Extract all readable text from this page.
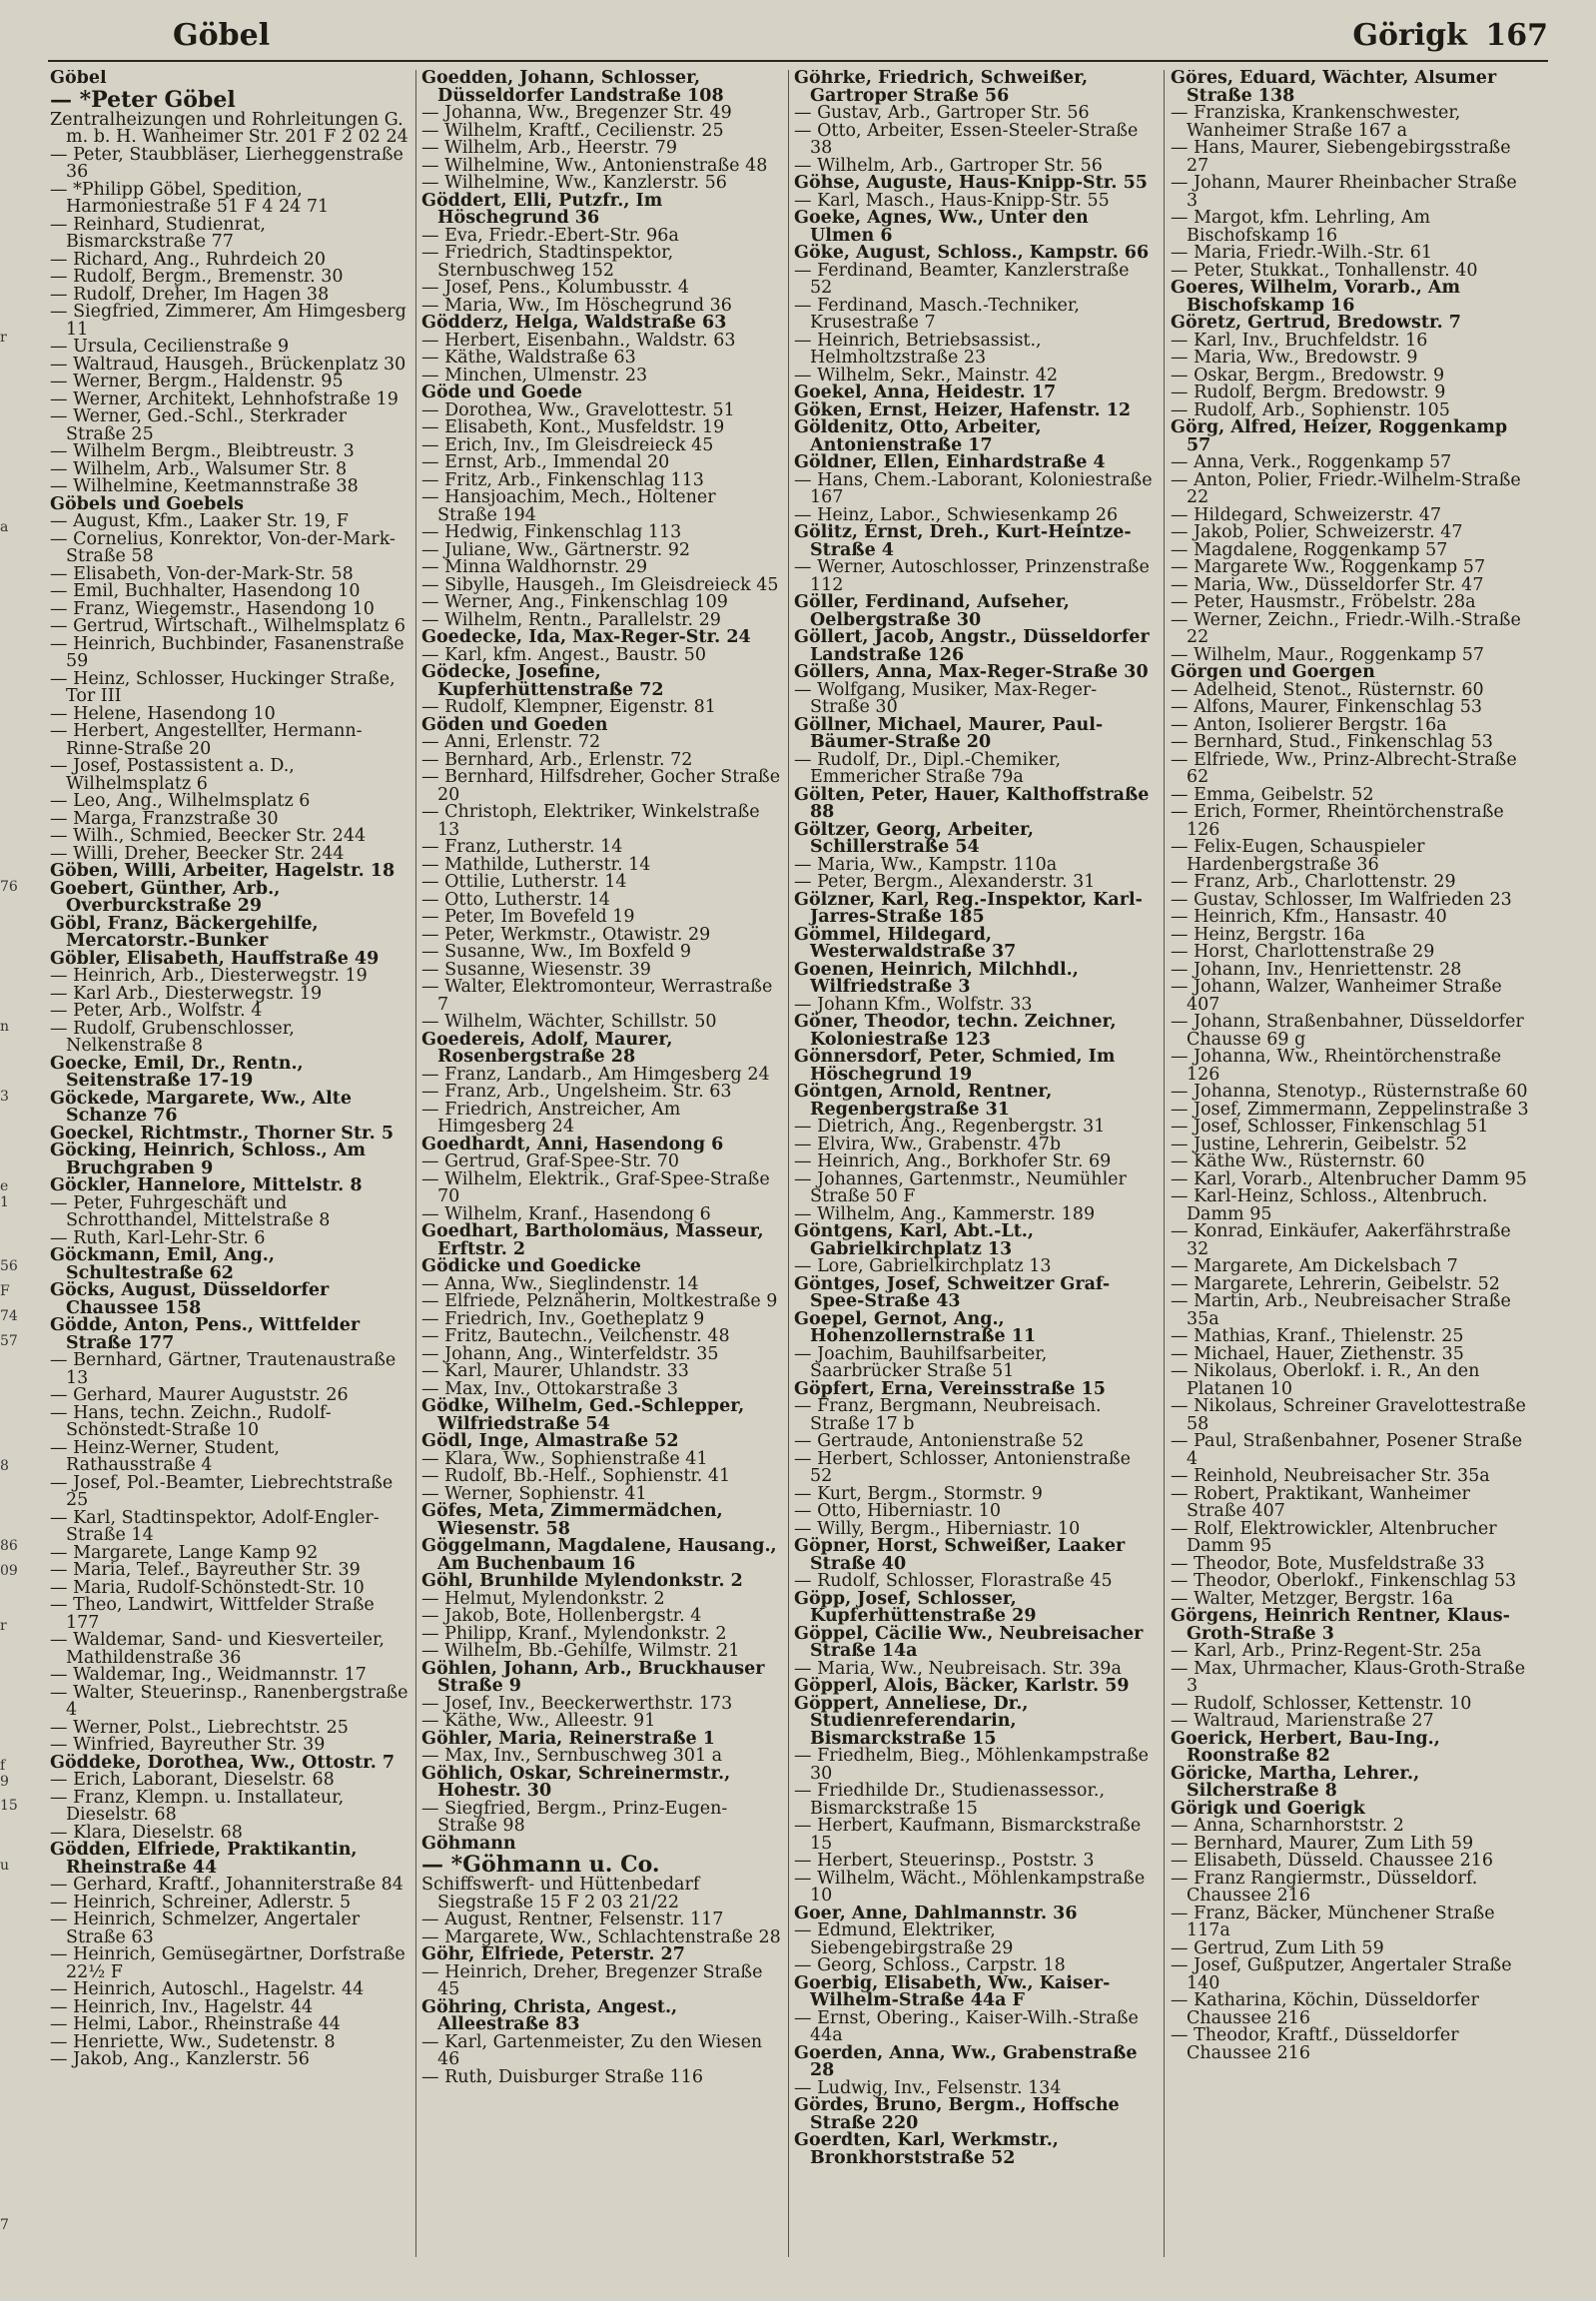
Göbel	Görigk 167

Göbel

— *Peter Göbel

Zentralheizungen und Rohrleitungen G. m. b. H. Wanheimer Str. 201 F 2 02 24

— Peter, Staubbläser, Lierheggenstraße 36

— *Philipp Göbel, Spedition, Harmoniestraße 51 F 4 24 71

— Reinhard, Studienrat, Bismarckstraße 77

— Richard, Ang., Ruhrdeich 20

— Rudolf, Bergm., Bremenstr. 30

— Rudolf, Dreher, Im Hagen 38

— Siegfried, Zimmerer, Am Himgesberg 11

— Ursula, Cecilienstraße 9

— Waltraud, Hausgeh., Brückenplatz 30

— Werner, Bergm., Haldenstr. 95

— Werner, Architekt, Lehnhofstraße 19

— Werner, Ged.-Schl., Sterkrader Straße 25

— Wilhelm Bergm., Bleibtreustr. 3

— Wilhelm, Arb., Walsumer Str. 8

— Wilhelmine, Keetmannstraße 38

Göbels und Goebels

— August, Kfm., Laaker Str. 19, F

— Cornelius, Konrektor, Von-der-Mark-Straße 58

— Elisabeth, Von-der-Mark-Str. 58

— Emil, Buchhalter, Hasendong 10

— Franz, Wiegemstr., Hasendong 10

— Gertrud, Wirtschaft., Wilhelmsplatz 6

— Heinrich, Buchbinder, Fasanenstraße 59

— Heinz, Schlosser, Huckinger Straße, Tor III

— Helene, Hasendong 10

— Herbert, Angestellter, Hermann-Rinne-Straße 20

— Josef, Postassistent a. D., Wilhelmsplatz 6

— Leo, Ang., Wilhelmsplatz 6

— Marga, Franzstraße 30

— Wilh., Schmied, Beecker Str. 244

— Willi, Dreher, Beecker Str. 244

Göben, Willi, Arbeiter, Hagelstr. 18

Goebert, Günther, Arb., Overburckstraße 29

Göbl, Franz, Bäckergehilfe, Mercatorstr.-Bunker

Göbler, Elisabeth, Hauffstraße 49

— Heinrich, Arb., Diesterwegstr. 19

— Karl Arb., Diesterwegstr. 19

— Peter, Arb., Wolfstr. 4

— Rudolf, Grubenschlosser, Nelkenstraße 8

Goecke, Emil, Dr., Rentn., Seitenstraße 17-19

Göckede, Margarete, Ww., Alte Schanze 76

Goeckel, Richtmstr., Thorner Str. 5

Göcking, Heinrich, Schloss., Am Bruchgraben 9

Göckler, Hannelore, Mittelstr. 8

— Peter, Fuhrgeschäft und Schrotthandel, Mittelstraße 8

— Ruth, Karl-Lehr-Str. 6

Göckmann, Emil, Ang., Schultestraße 62

Göcks, August, Düsseldorfer Chaussee 158

Gödde, Anton, Pens., Wittfelder Straße 177

— Bernhard, Gärtner, Trautenaustraße 13

— Gerhard, Maurer Auguststr. 26

— Hans, techn. Zeichn., Rudolf-Schönstedt-Straße 10

— Heinz-Werner, Student, Rathausstraße 4

— Josef, Pol.-Beamter, Liebrechtstraße 25

— Karl, Stadtinspektor, Adolf-Engler-Straße 14

— Margarete, Lange Kamp 92

— Maria, Telef., Bayreuther Str. 39

— Maria, Rudolf-Schönstedt-Str. 10

— Theo, Landwirt, Wittfelder Straße 177

— Waldemar, Sand- und Kiesverteiler, Mathildenstraße 36

— Waldemar, Ing., Weidmannstr. 17

— Walter, Steuerinsp., Ranenbergstraße 4

— Werner, Polst., Liebrechtstr. 25

— Winfried, Bayreuther Str. 39

Göddeke, Dorothea, Ww., Ottostr. 7

— Erich, Laborant, Dieselstr. 68

— Franz, Klempn. u. Installateur, Dieselstr. 68

— Klara, Dieselstr. 68

Gödden, Elfriede, Praktikantin, Rheinstraße 44

— Gerhard, Kraftf., Johanniterstraße 84

— Heinrich, Schreiner, Adlerstr. 5

— Heinrich, Schmelzer, Angertaler Straße 63

— Heinrich, Gemüsegärtner, Dorfstraße 22½ F

— Heinrich, Autoschl., Hagelstr. 44

— Heinrich, Inv., Hagelstr. 44

— Helmi, Labor., Rheinstraße 44

— Henriette, Ww., Sudetenstr. 8

— Jakob, Ang., Kanzlerstr. 56

Goedden, Johann, Schlosser, Düsseldorfer Landstraße 108

— Johanna, Ww., Bregenzer Str. 49

— Wilhelm, Kraftf., Cecilienstr. 25

— Wilhelm, Arb., Heerstr. 79

— Wilhelmine, Ww., Antonienstraße 48

— Wilhelmine, Ww., Kanzlerstr. 56

Göddert, Elli, Putzfr., Im Höschegrund 36

— Eva, Friedr.-Ebert-Str. 96a

— Friedrich, Stadtinspektor, Sternbuschweg 152

— Josef, Pens., Kolumbusstr. 4

— Maria, Ww., Im Höschegrund 36

Gödderz, Helga, Waldstraße 63

— Herbert, Eisenbahn., Waldstr. 63

— Käthe, Waldstraße 63

— Minchen, Ulmenstr. 23

Göde und Goede

— Dorothea, Ww., Gravelottestr. 51

— Elisabeth, Kont., Musfeldstr. 19

— Erich, Inv., Im Gleisdreieck 45

— Ernst, Arb., Immendal 20

— Fritz, Arb., Finkenschlag 113

— Hansjoachim, Mech., Holtener Straße 194

— Hedwig, Finkenschlag 113

— Juliane, Ww., Gärtnerstr. 92

— Minna Waldhornstr. 29

— Sibylle, Hausgeh., Im Gleisdreieck 45

— Werner, Ang., Finkenschlag 109

— Wilhelm, Rentn., Parallelstr. 29

Goedecke, Ida, Max-Reger-Str. 24

— Karl, kfm. Angest., Baustr. 50

Gödecke, Josefine, Kupferhüttenstraße 72

— Rudolf, Klempner, Eigenstr. 81

Göden und Goeden

— Anni, Erlenstr. 72

— Bernhard, Arb., Erlenstr. 72

— Bernhard, Hilfsdreher, Gocher Straße 20

— Christoph, Elektriker, Winkelstraße 13

— Franz, Lutherstr. 14

— Mathilde, Lutherstr. 14

— Ottilie, Lutherstr. 14

— Otto, Lutherstr. 14

— Peter, Im Bovefeld 19

— Peter, Werkmstr., Otawistr. 29

— Susanne, Ww., Im Boxfeld 9

— Susanne, Wiesenstr. 39

— Walter, Elektromonteur, Werrastraße 7

— Wilhelm, Wächter, Schillstr. 50

Goedereis, Adolf, Maurer, Rosenbergstraße 28

— Franz, Landarb., Am Himgesberg 24

— Franz, Arb., Ungelsheim. Str. 63

— Friedrich, Anstreicher, Am Himgesberg 24

Goedhardt, Anni, Hasendong 6

— Gertrud, Graf-Spee-Str. 70

— Wilhelm, Elektrik., Graf-Spee-Straße 70

— Wilhelm, Kranf., Hasendong 6

Goedhart, Bartholomäus, Masseur, Erftstr. 2

Gödicke und Goedicke

— Anna, Ww., Sieglindenstr. 14

— Elfriede, Pelznäherin, Moltkestraße 9

— Friedrich, Inv., Goetheplatz 9

— Fritz, Bautechn., Veilchenstr. 48

— Johann, Ang., Winterfeldstr. 35

— Karl, Maurer, Uhlandstr. 33

— Max, Inv., Ottokarstraße 3

Gödke, Wilhelm, Ged.-Schlepper, Wilfriedstraße 54

Gödl, Inge, Almastraße 52

— Klara, Ww., Sophienstraße 41

— Rudolf, Bb.-Helf., Sophienstr. 41

— Werner, Sophienstr. 41

Göfes, Meta, Zimmermädchen, Wiesenstr. 58

Göggelmann, Magdalene, Hausang., Am Buchenbaum 16

Göhl, Brunhilde Mylendonkstr. 2

— Helmut, Mylendonkstr. 2

— Jakob, Bote, Hollenbergstr. 4

— Philipp, Kranf., Mylendonkstr. 2

— Wilhelm, Bb.-Gehilfe, Wilmstr. 21

Göhlen, Johann, Arb., Bruckhauser Straße 9

— Josef, Inv., Beeckerwerthstr. 173

— Käthe, Ww., Alleestr. 91

Göhler, Maria, Reinerstraße 1

— Max, Inv., Sernbuschweg 301 a

Göhlich, Oskar, Schreinermstr., Hohestr. 30

— Siegfried, Bergm., Prinz-Eugen-Straße 98

Göhmann

— *Göhmann u. Co.

Schiffswerft- und Hüttenbedarf Siegstraße 15 F 2 03 21/22

— August, Rentner, Felsenstr. 117

— Margarete, Ww., Schlachtenstraße 28

Göhr, Elfriede, Peterstr. 27

— Heinrich, Dreher, Bregenzer Straße 45

Göhring, Christa, Angest., Alleestraße 83

— Karl, Gartenmeister, Zu den Wiesen 46

— Ruth, Duisburger Straße 116

Göhrke, Friedrich, Schweißer, Gartroper Straße 56

— Gustav, Arb., Gartroper Str. 56

— Otto, Arbeiter, Essen-Steeler-Straße 38

— Wilhelm, Arb., Gartroper Str. 56

Göhse, Auguste, Haus-Knipp-Str. 55

— Karl, Masch., Haus-Knipp-Str. 55

Goeke, Agnes, Ww., Unter den Ulmen 6

Göke, August, Schloss., Kampstr. 66

— Ferdinand, Beamter, Kanzlerstraße 52

— Ferdinand, Masch.-Techniker, Krusestraße 7

— Heinrich, Betriebsassist., Helmholtzstraße 23

— Wilhelm, Sekr., Mainstr. 42

Goekel, Anna, Heidestr. 17

Göken, Ernst, Heizer, Hafenstr. 12

Göldenitz, Otto, Arbeiter, Antonienstraße 17

Göldner, Ellen, Einhardstraße 4

— Hans, Chem.-Laborant, Koloniestraße 167

— Heinz, Labor., Schwiesenkamp 26

Gölitz, Ernst, Dreh., Kurt-Heintze-Straße 4

— Werner, Autoschlosser, Prinzenstraße 112

Göller, Ferdinand, Aufseher, Oelbergstraße 30

Göllert, Jacob, Angstr., Düsseldorfer Landstraße 126

Göllers, Anna, Max-Reger-Straße 30

— Wolfgang, Musiker, Max-Reger-Straße 30

Göllner, Michael, Maurer, Paul-Bäumer-Straße 20

— Rudolf, Dr., Dipl.-Chemiker, Emmericher Straße 79a

Gölten, Peter, Hauer, Kalthoffstraße 88

Göltzer, Georg, Arbeiter, Schillerstraße 54

— Maria, Ww., Kampstr. 110a

— Peter, Bergm., Alexanderstr. 31

Gölzner, Karl, Reg.-Inspektor, Karl-Jarres-Straße 185

Gömmel, Hildegard, Westerwaldstraße 37

Goenen, Heinrich, Milchhdl., Wilfriedstraße 3

— Johann Kfm., Wolfstr. 33

Göner, Theodor, techn. Zeichner, Koloniestraße 123

Gönnersdorf, Peter, Schmied, Im Höschegrund 19

Göntgen, Arnold, Rentner, Regenbergstraße 31

— Dietrich, Ang., Regenbergstr. 31

— Elvira, Ww., Grabenstr. 47b

— Heinrich, Ang., Borkhofer Str. 69

— Johannes, Gartenmstr., Neumühler Straße 50 F

— Wilhelm, Ang., Kammerstr. 189

Göntgens, Karl, Abt.-Lt., Gabrielkirchplatz 13

— Lore, Gabrielkirchplatz 13

Göntges, Josef, Schweitzer Graf-Spee-Straße 43

Goepel, Gernot, Ang., Hohenzollernstraße 11

— Joachim, Bauhilfsarbeiter, Saarbrücker Straße 51

Göpfert, Erna, Vereinsstraße 15

— Franz, Bergmann, Neubreisach. Straße 17 b

— Gertraude, Antonienstraße 52

— Herbert, Schlosser, Antonienstraße 52

— Kurt, Bergm., Stormstr. 9

— Otto, Hiberniastr. 10

— Willy, Bergm., Hiberniastr. 10

Göpner, Horst, Schweißer, Laaker Straße 40

— Rudolf, Schlosser, Florastraße 45

Göpp, Josef, Schlosser, Kupferhüttenstraße 29

Göppel, Cäcilie Ww., Neubreisacher Straße 14a

— Maria, Ww., Neubreisach. Str. 39a

Göpperl, Alois, Bäcker, Karlstr. 59

Göppert, Anneliese, Dr., Studienreferendarin, Bismarckstraße 15

— Friedhelm, Bieg., Möhlenkampstraße 30

— Friedhilde Dr., Studienassessor., Bismarckstraße 15

— Herbert, Kaufmann, Bismarckstraße 15

— Herbert, Steuerinsp., Poststr. 3

— Wilhelm, Wächt., Möhlenkampstraße 10

Goer, Anne, Dahlmannstr. 36

— Edmund, Elektriker, Siebengebirgstraße 29

— Georg, Schloss., Carpstr. 18

Goerbig, Elisabeth, Ww., Kaiser-Wilhelm-Straße 44a F

— Ernst, Obering., Kaiser-Wilh.-Straße 44a

Goerden, Anna, Ww., Grabenstraße 28

— Ludwig, Inv., Felsenstr. 134

Gördes, Bruno, Bergm., Hoffsche Straße 220

Goerdten, Karl, Werkmstr., Bronkhorststraße 52

Göres, Eduard, Wächter, Alsumer Straße 138

— Franziska, Krankenschwester, Wanheimer Straße 167 a

— Hans, Maurer, Siebengebirgsstraße 27

— Johann, Maurer Rheinbacher Straße 3

— Margot, kfm. Lehrling, Am Bischofskamp 16

— Maria, Friedr.-Wilh.-Str. 61

— Peter, Stukkat., Tonhallenstr. 40

Goeres, Wilhelm, Vorarb., Am Bischofskamp 16

Göretz, Gertrud, Bredowstr. 7

— Karl, Inv., Bruchfeldstr. 16

— Maria, Ww., Bredowstr. 9

— Oskar, Bergm., Bredowstr. 9

— Rudolf, Bergm. Bredowstr. 9

— Rudolf, Arb., Sophienstr. 105

Görg, Alfred, Heizer, Roggenkamp 57

— Anna, Verk., Roggenkamp 57

— Anton, Polier, Friedr.-Wilhelm-Straße 22

— Hildegard, Schweizerstr. 47

— Jakob, Polier, Schweizerstr. 47

— Magdalene, Roggenkamp 57

— Margarete Ww., Roggenkamp 57

— Maria, Ww., Düsseldorfer Str. 47

— Peter, Hausmstr., Fröbelstr. 28a

— Werner, Zeichn., Friedr.-Wilh.-Straße 22

— Wilhelm, Maur., Roggenkamp 57

Görgen und Goergen

— Adelheid, Stenot., Rüsternstr. 60

— Alfons, Maurer, Finkenschlag 53

— Anton, Isolierer Bergstr. 16a

— Bernhard, Stud., Finkenschlag 53

— Elfriede, Ww., Prinz-Albrecht-Straße 62

— Emma, Geibelstr. 52

— Erich, Former, Rheintörchenstraße 126

— Felix-Eugen, Schauspieler Hardenbergstraße 36

— Franz, Arb., Charlottenstr. 29

— Gustav, Schlosser, Im Walfrieden 23

— Heinrich, Kfm., Hansastr. 40

— Heinz, Bergstr. 16a

— Horst, Charlottenstraße 29

— Johann, Inv., Henriettenstr. 28

— Johann, Walzer, Wanheimer Straße 407

— Johann, Straßenbahner, Düsseldorfer Chausse 69 g

— Johanna, Ww., Rheintörchenstraße 126

— Johanna, Stenotyp., Rüsternstraße 60

— Josef, Zimmermann, Zeppelinstraße 3

— Josef, Schlosser, Finkenschlag 51

— Justine, Lehrerin, Geibelstr. 52

— Käthe Ww., Rüsternstr. 60

— Karl, Vorarb., Altenbrucher Damm 95

— Karl-Heinz, Schloss., Altenbruch. Damm 95

— Konrad, Einkäufer, Aakerfährstraße 32

— Margarete, Am Dickelsbach 7

— Margarete, Lehrerin, Geibelstr. 52

— Martin, Arb., Neubreisacher Straße 35a

— Mathias, Kranf., Thielenstr. 25

— Michael, Hauer, Ziethenstr. 35

— Nikolaus, Oberlokf. i. R., An den Platanen 10

— Nikolaus, Schreiner Gravelottestraße 58

— Paul, Straßenbahner, Posener Straße 4

— Reinhold, Neubreisacher Str. 35a

— Robert, Praktikant, Wanheimer Straße 407

— Rolf, Elektrowickler, Altenbrucher Damm 95

— Theodor, Bote, Musfeldstraße 33

— Theodor, Oberlokf., Finkenschlag 53

— Walter, Metzger, Bergstr. 16a

Görgens, Heinrich Rentner, Klaus-Groth-Straße 3

— Karl, Arb., Prinz-Regent-Str. 25a

— Max, Uhrmacher, Klaus-Groth-Straße 3

— Rudolf, Schlosser, Kettenstr. 10

— Waltraud, Marienstraße 27

Goerick, Herbert, Bau-Ing., Roonstraße 82

Göricke, Martha, Lehrer., Silcherstraße 8

Görigk und Goerigk

— Anna, Scharnhorststr. 2

— Bernhard, Maurer, Zum Lith 59

— Elisabeth, Düsseld. Chaussee 216

— Franz Rangiermstr., Düsseldorf. Chaussee 216

— Franz, Bäcker, Münchener Straße 117a

— Gertrud, Zum Lith 59

— Josef, Gußputzer, Angertaler Straße 140

— Katharina, Köchin, Düsseldorfer Chaussee 216

— Theodor, Kraftf., Düsseldorfer Chaussee 216

r
a
76
n
3
e 1
56
F
74
57
8
86
09
r
f 9
15
u
7
